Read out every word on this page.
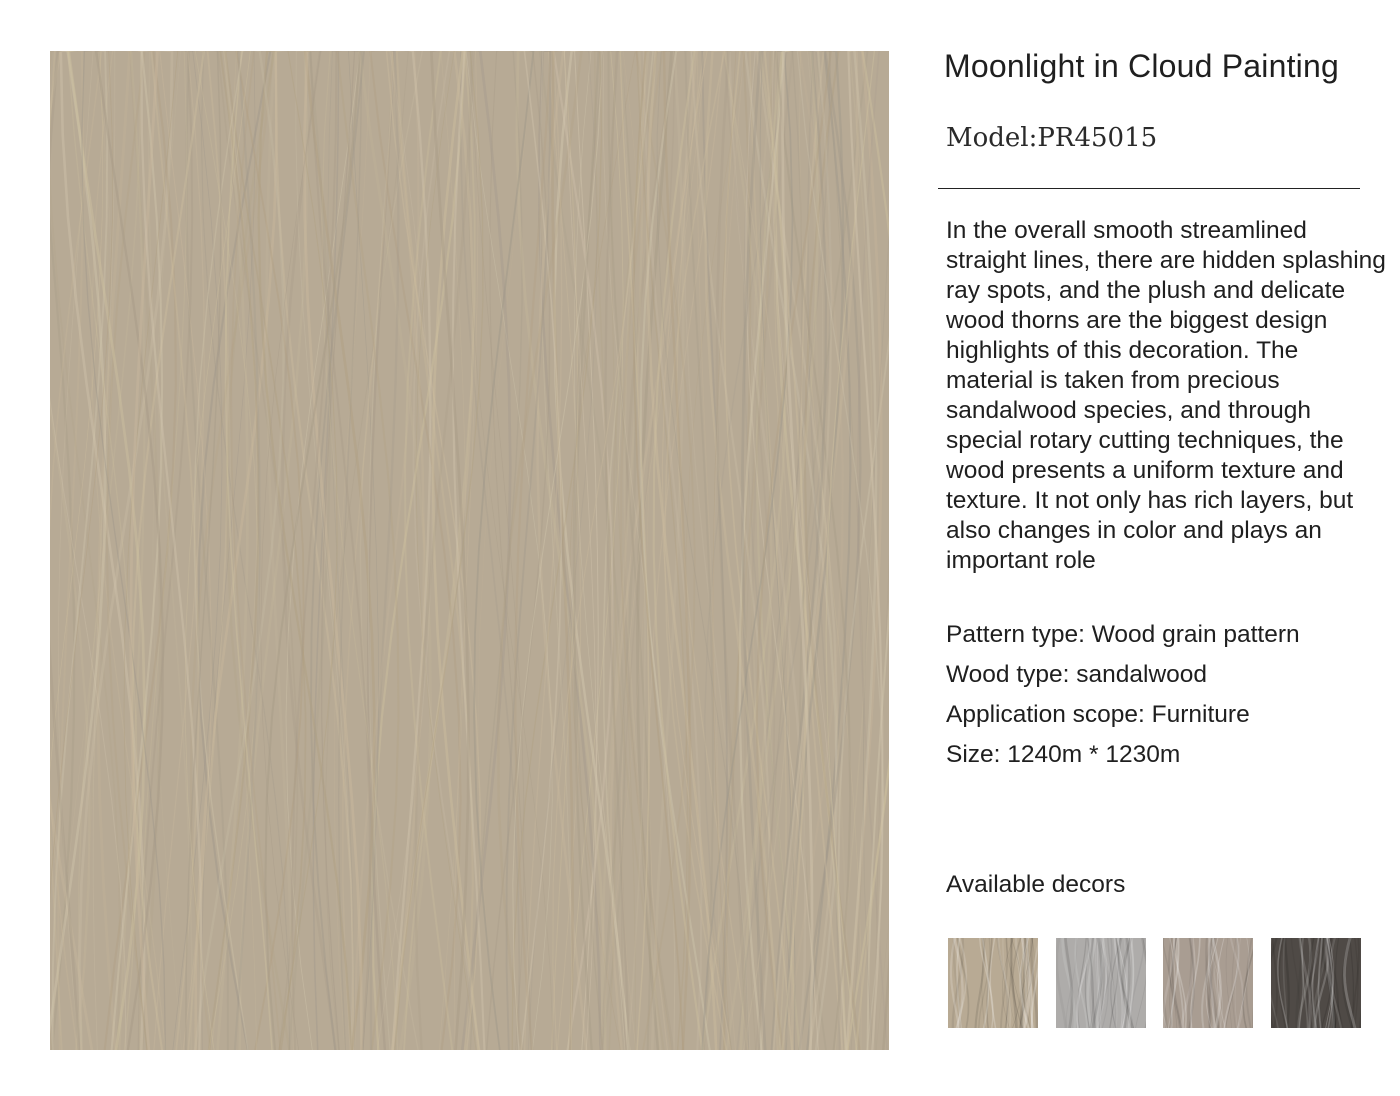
Moonlight in Cloud Painting
Model:PR45015

In the overall smooth streamlined straight lines, there are hidden splashing ray spots, and the plush and delicate wood thorns are the biggest design highlights of this decoration. The material is taken from precious sandalwood species, and through special rotary cutting techniques, the wood presents a uniform texture and texture. It not only has rich layers, but also changes in color and plays an important role

Pattern type: Wood grain pattern
Wood type: sandalwood
Application scope: Furniture
Size: 1240m * 1230m
Available decors
